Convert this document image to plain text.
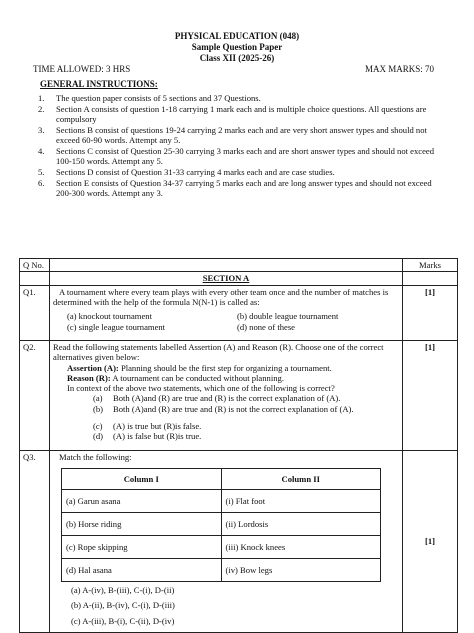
PHYSICAL EDUCATION (048)
Sample Question Paper
Class XII (2025-26)
TIME ALLOWED: 3 HRS	MAX MARKS: 70
GENERAL INSTRUCTIONS:
1.	The question paper consists of 5 sections and 37 Questions.
2.	Section A consists of question 1-18 carrying 1 mark each and is multiple choice questions. All questions are compulsory
3.	Sections B consist of questions 19-24 carrying 2 marks each and are very short answer types and should not exceed 60-90 words. Attempt any 5.
4.	Sections C consist of Question 25-30 carrying 3 marks each and are short answer types and should not exceed 100-150 words. Attempt any 5.
5.	Sections D consist of Question 31-33 carrying 4 marks each and are case studies.
6.	Section E consists of Question 34-37 carrying 5 marks each and are long answer types and should not exceed 200-300 words. Attempt any 3.
Q No.		Marks
	SECTION A	
Q1.	A tournament where every team plays with every other team once and the number of matches is
determined with the help of the formula N(N-1) is called as:
(a) knockout tournament	(b) double league tournament
(c) single league tournament	(d) none of these
	[1]
Q2.	Read the following statements labelled Assertion (A) and Reason (R). Choose one of the correct alternatives given below:
Assertion (A): Planning should be the first step for organizing a tournament.
Reason (R): A tournament can be conducted without planning.
In context of the above two statements, which one of the following is correct?
(a)	Both (A)and (R) are true and (R) is the correct explanation of (A).
(b)	Both (A)and (R) are true and (R) is not the correct explanation of (A).
(c)	(A) is true but (R)is false.
(d)	(A) is false but (R)is true.
	[1]
Q3.	Match the following:
Column I	Column II
(a) Garun asana	(i) Flat foot
(b) Horse riding	(ii) Lordosis
(c) Rope skipping	(iii) Knock knees
(d) Hal asana	(iv) Bow legs
(a) A-(iv), B-(iii), C-(i), D-(ii)
(b) A-(ii), B-(iv), C-(i), D-(iii)
(c) A-(iii), B-(i), C-(ii), D-(iv)
	[1]
